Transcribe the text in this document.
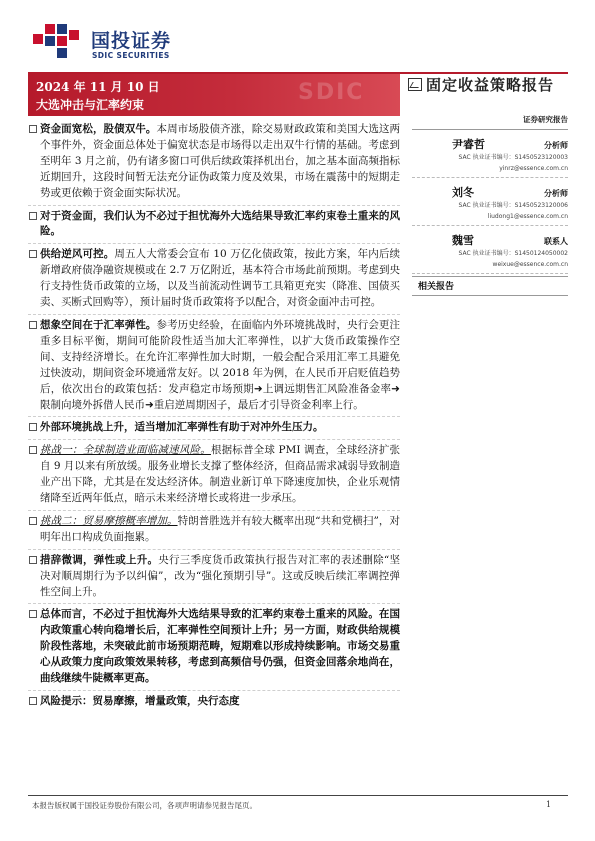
国投证券
SDIC SECURITIES
2024 年 11 月 10 日
大选冲击与汇率约束	SDIC	固定收益策略报告
资金面宽松，股债双牛。本周市场股债齐涨，除交易财政政策和美国大选这两个事件外，资金面总体处于偏宽状态是市场得以走出双牛行情的基础。考虑到至明年 3 月之前，仍有诸多窗口可供后续政策择机出台，加之基本面高频指标近期回升，这段时间暂无法充分证伪政策力度及效果，市场在震荡中的短期走势或更依赖于资金面实际状况。
对于资金面，我们认为不必过于担忧海外大选结果导致汇率约束卷土重来的风险。
供给逆风可控。周五人大常委会宣布 10 万亿化债政策，按此方案，年内后续新增政府债净融资规模或在 2.7 万亿附近，基本符合市场此前预期。考虑到央行支持性货币政策的立场，以及当前流动性调节工具箱更充实（降准、国债买卖、买断式回购等），预计届时货币政策将予以配合，对资金面冲击可控。
想象空间在于汇率弹性。参考历史经验，在面临内外环境挑战时，央行会更注重多目标平衡，期间可能阶段性适当加大汇率弹性，以扩大货币政策操作空间、支持经济增长。在允许汇率弹性加大时期，一般会配合采用汇率工具避免过快波动，期间资金环境通常友好。以 2018 年为例，在人民币开启贬值趋势后，依次出台的政策包括：发声稳定市场预期➜上调远期售汇风险准备金率➜限制向境外拆借人民币➜重启逆周期因子，最后才引导资金利率上行。
外部环境挑战上升，适当增加汇率弹性有助于对冲外生压力。
挑战一：全球制造业面临减速风险。根据标普全球 PMI 调查，全球经济扩张自 9 月以来有所放缓。服务业增长支撑了整体经济，但商品需求减弱导致制造业产出下降，尤其是在发达经济体。制造业新订单下降速度加快，企业乐观情绪降至近两年低点，暗示未来经济增长或将进一步承压。
挑战二：贸易摩擦概率增加。特朗普胜选并有较大概率出现“共和党横扫”，对明年出口构成负面拖累。
措辞微调，弹性或上升。央行三季度货币政策执行报告对汇率的表述删除“坚决对顺周期行为予以纠偏”，改为“强化预期引导”。这或反映后续汇率调控弹性空间上升。
总体而言，不必过于担忧海外大选结果导致的汇率约束卷土重来的风险。在国内政策重心转向稳增长后，汇率弹性空间预计上升；另一方面，财政供给规模阶段性落地，未突破此前市场预期范畴，短期难以形成持续影响。市场交易重心从政策力度向政策效果转移，考虑到高频信号仍强，但资金回落余地尚在，曲线继续牛陡概率更高。
风险提示：贸易摩擦，增量政策，央行态度
证券研究报告
尹睿哲	分析师
SAC 执业证书编号：S1450523120003
yinrz@essence.com.cn
刘冬	分析师
SAC 执业证书编号：S1450523120006
liudong1@essence.com.cn
魏雪	联系人
SAC 执业证书编号：S1450124050002
weixue@essence.com.cn
相关报告
本报告版权属于国投证券股份有限公司，各项声明请参见报告尾页。	1
